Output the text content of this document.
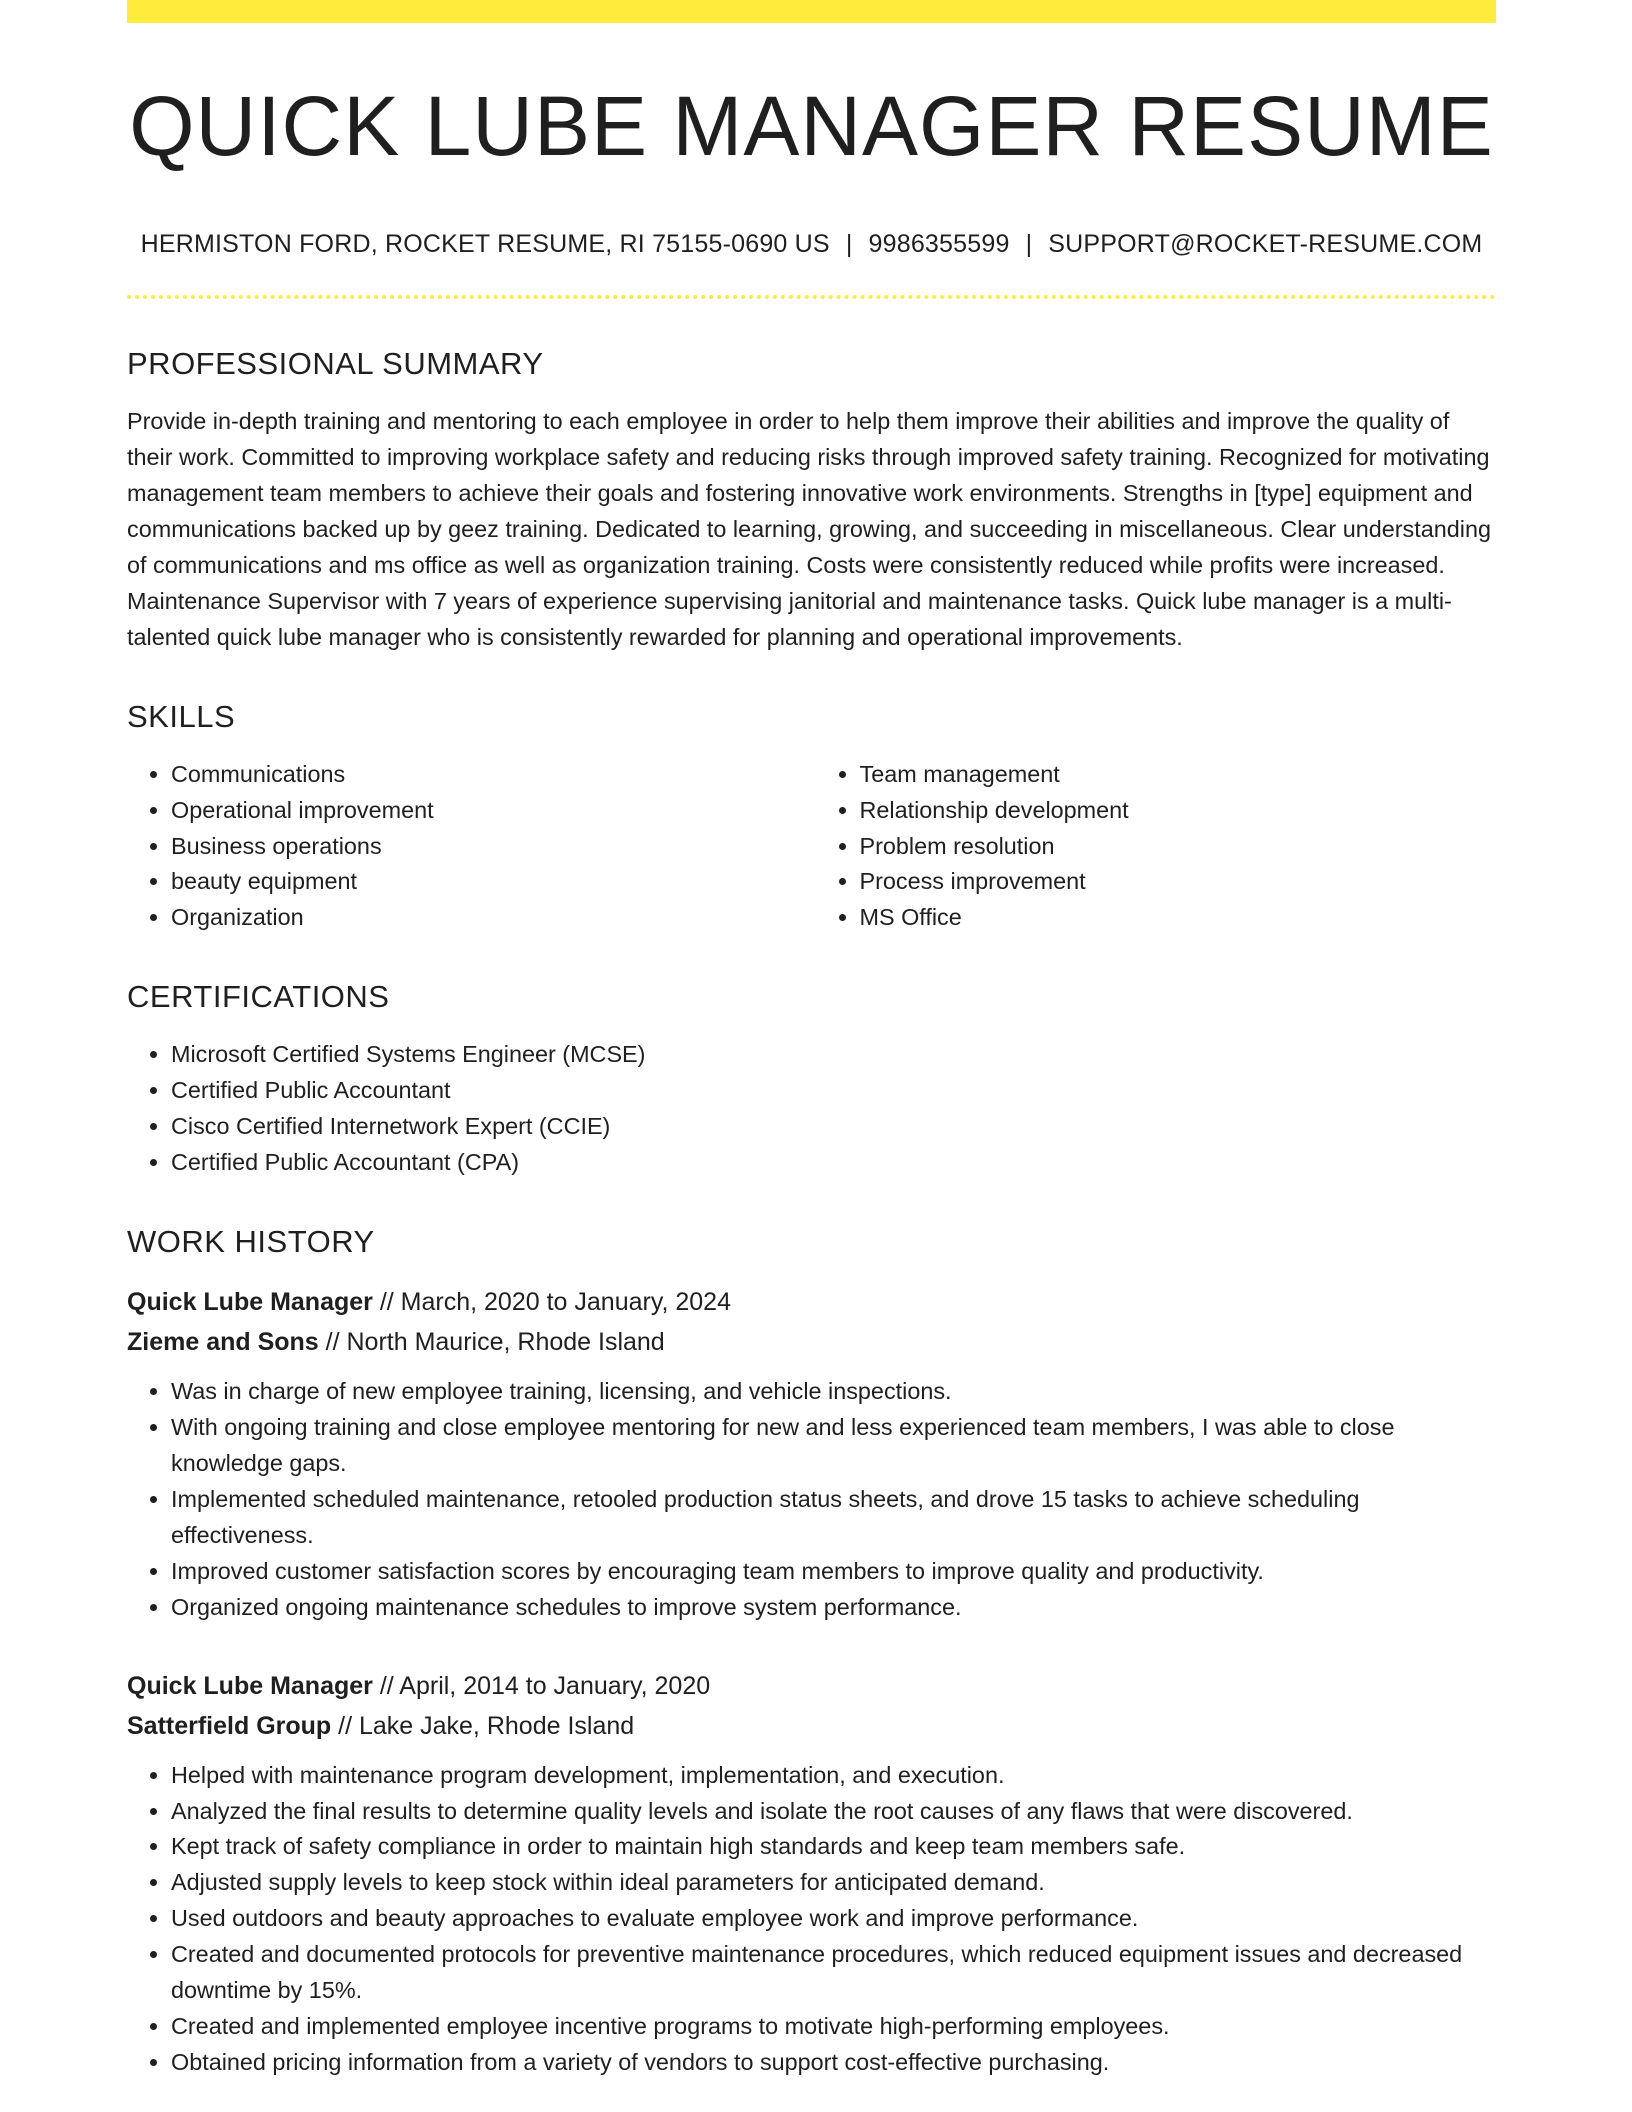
QUICK LUBE MANAGER RESUME
HERMISTON FORD, ROCKET RESUME, RI 75155-0690 US | 9986355599 | SUPPORT@ROCKET-RESUME.COM
PROFESSIONAL SUMMARY

Provide in-depth training and mentoring to each employee in order to help them improve their abilities and improve the quality of their work. Committed to improving workplace safety and reducing risks through improved safety training. Recognized for motivating management team members to achieve their goals and fostering innovative work environments. Strengths in [type] equipment and communications backed up by geez training. Dedicated to learning, growing, and succeeding in miscellaneous. Clear understanding of communications and ms office as well as organization training. Costs were consistently reduced while profits were increased. Maintenance Supervisor with 7 years of experience supervising janitorial and maintenance tasks. Quick lube manager is a multi-talented quick lube manager who is consistently rewarded for planning and operational improvements.

SKILLS
• Communications
• Operational improvement
• Business operations
• beauty equipment
• Organization
• Team management
• Relationship development
• Problem resolution
• Process improvement
• MS Office
CERTIFICATIONS
• Microsoft Certified Systems Engineer (MCSE)
• Certified Public Accountant
• Cisco Certified Internetwork Expert (CCIE)
• Certified Public Accountant (CPA)
WORK HISTORY
Quick Lube Manager // March, 2020 to January, 2024
Zieme and Sons // North Maurice, Rhode Island
• Was in charge of new employee training, licensing, and vehicle inspections.
• With ongoing training and close employee mentoring for new and less experienced team members, I was able to close knowledge gaps.
• Implemented scheduled maintenance, retooled production status sheets, and drove 15 tasks to achieve scheduling effectiveness.
• Improved customer satisfaction scores by encouraging team members to improve quality and productivity.
• Organized ongoing maintenance schedules to improve system performance.
Quick Lube Manager // April, 2014 to January, 2020
Satterfield Group // Lake Jake, Rhode Island
• Helped with maintenance program development, implementation, and execution.
• Analyzed the final results to determine quality levels and isolate the root causes of any flaws that were discovered.
• Kept track of safety compliance in order to maintain high standards and keep team members safe.
• Adjusted supply levels to keep stock within ideal parameters for anticipated demand.
• Used outdoors and beauty approaches to evaluate employee work and improve performance.
• Created and documented protocols for preventive maintenance procedures, which reduced equipment issues and decreased downtime by 15%.
• Created and implemented employee incentive programs to motivate high-performing employees.
• Obtained pricing information from a variety of vendors to support cost-effective purchasing.
